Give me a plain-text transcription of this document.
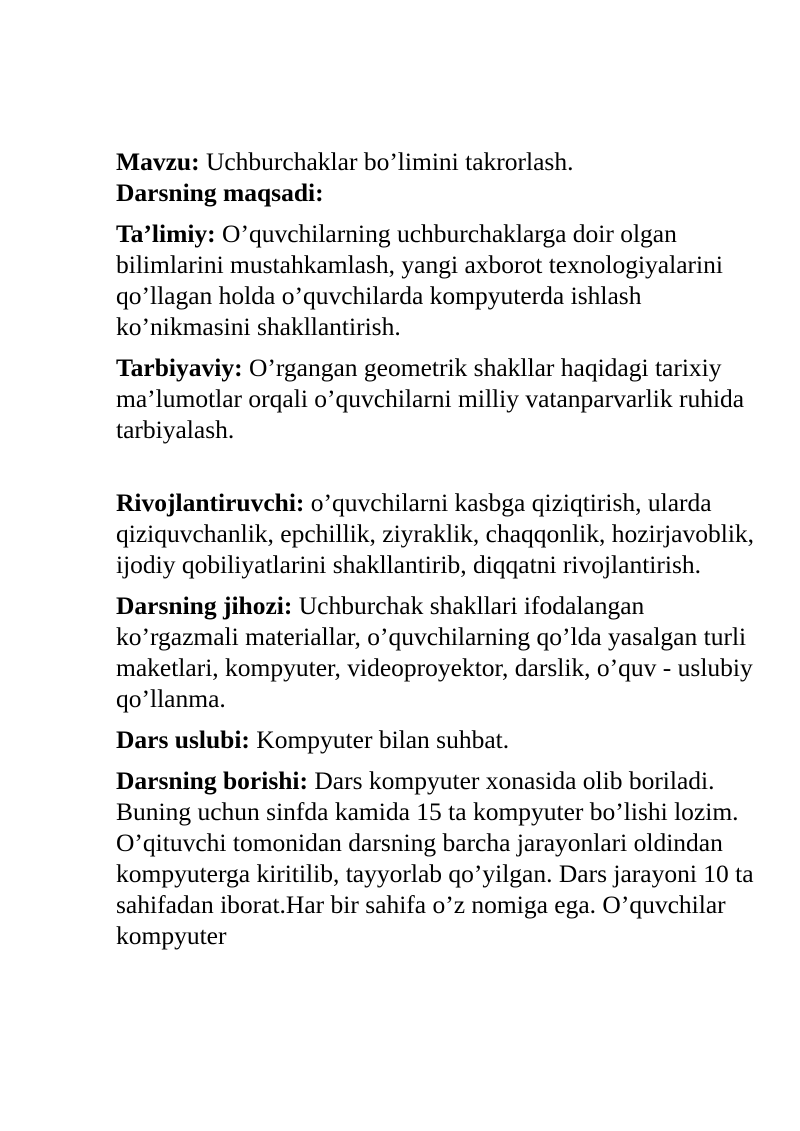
Mavzu: Uchburchaklar bo’limini takrorlash.

Darsning maqsadi:

Ta’limiy: O’quvchilarning uchburchaklarga doir olgan bilimlarini mustahkamlash, yangi axborot texnologiyalarini qo’llagan holda o’quvchilarda kompyuterda ishlash ko’nikmasini shakllantirish.

Tarbiyaviy: O’rgangan geometrik shakllar haqidagi tarixiy ma’lumotlar orqali o’quvchilarni milliy vatanparvarlik ruhida tarbiyalash.

Rivojlantiruvchi: o’quvchilarni kasbga qiziqtirish, ularda qiziquvchanlik, epchillik, ziyraklik, chaqqonlik, hozirjavoblik, ijodiy qobiliyatlarini shakllantirib, diqqatni rivojlantirish.

Darsning jihozi: Uchburchak shakllari ifodalangan ko’rgazmali materiallar, o’quvchilarning qo’lda yasalgan turli maketlari, kompyuter, videoproyektor, darslik, o’quv - uslubiy qo’llanma.

Dars uslubi: Kompyuter bilan suhbat.

Darsning borishi: Dars kompyuter xonasida olib boriladi. Buning uchun sinfda kamida 15 ta kompyuter bo’lishi lozim. O’qituvchi tomonidan darsning barcha jarayonlari oldindan kompyuterga kiritilib, tayyorlab qo’yilgan. Dars jarayoni 10 ta sahifadan iborat.Har bir sahifa o’z nomiga ega. O’quvchilar kompyuter
